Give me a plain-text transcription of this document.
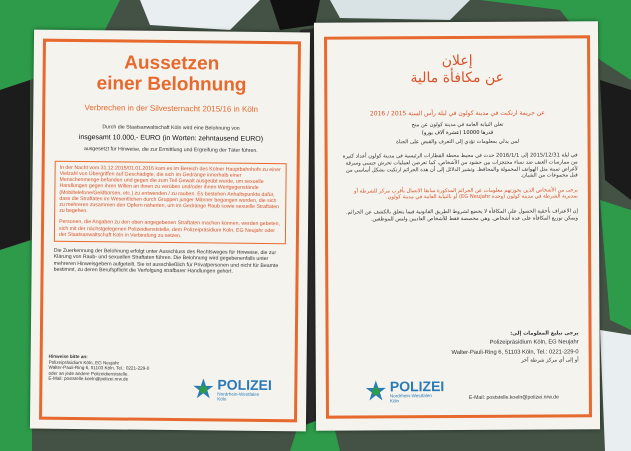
Aussetzen
einer Belohnung
Verbrechen in der Silvesternacht 2015/16 in Köln
Durch die Staatsanwaltschaft Köln wird eine Belohnung von
insgesamt 10.000,- EURO (in Worten: zehntausend EURO)
ausgesetzt für Hinweise, die zur Ermittlung und Ergreifung der Täter führen.
In der Nacht vom 31.12.2015/01.01.2016 kam es im Bereich des Kölner Hauptbahnhofs zu einer Vielzahl von Übergriffen auf Geschädigte, die sich im Gedränge innerhalb einer Menschenmenge befanden und gegen die zum Teil Gewalt ausgeübt wurde, um sexuelle Handlungen gegen ihren Willen an ihnen zu verüben und/oder ihnen Wertgegenstände (Mobiltelefone/Geldbörsen, etc.) zu entwenden / zu rauben. Es bestehen Anhaltspunkte dafür, dass die Straftaten im Wesentlichen durch Gruppen junger Männer begangen wurden, die sich zu mehreren zusammen den Opfern näherten, um im Gedränge Raub sowie sexuelle Straftaten zu begehen.
Personen, die Angaben zu den oben angegebenen Straftaten machen können, werden gebeten, sich mit der nächstgelegenen Polizeidienststelle, dem Polizeipräsidium Köln, EG Neujahr oder der Staatsanwaltschaft Köln in Verbindung zu setzen.
Die Zuerkennung der Belohnung erfolgt unter Ausschluss des Rechtsweges für Hinweise, die zur Klärung von Raub- und sexuellen Straftaten führen. Die Belohnung wird gegebenenfalls unter mehreren Hinweisgebern aufgeteilt. Sie ist ausschließlich für Privatpersonen und nicht für Beamte bestimmt, zu deren Berufspflicht die Verfolgung strafbarer Handlungen gehört.
Hinweise bitte an:
Polizeipräsidium Köln, EG Neujahr
Walter-Pauli-Ring 6, 51103 Köln, Tel.: 0221-229-0
oder an jede andere Polizeidienststelle.
E-Mail: poststelle.koeln@polizei.nrw.de	POLIZEI
Nordrhein-Westfalen
Köln
إعلان
عن مكافأة مالية
عن جريمة ارتكبت في مدينة كولون في ليلة رأس السنة 2015 / 2016
تعلن النيابة العامة في مدينة كولون عن منح
قدرها 10000 (عشرة آلاف يورو)
لمن يدلي بمعلومات تؤدي إلى التعرف والقبض على الجناة
في ليلة 2015/12/31 إلى 2016/1/1 حدث في محيط محطة القطارات الرئيسية في مدينة كولون أعداد كثيرة من ممارسات العنف ضد نساء محتجزات بين حشود من الأشخاص، كما تعرضن لعمليات تحرش جنسي وسرقة لأغراض ثمينة مثل الهواتف المحمولة والمحافظ. وتشير الدلائل إلى أن هذه الجرائم ارتكبت بشكل أساسي من قبل مجموعات من الشبان.
يرجى من الأشخاص الذين بحوزتهم معلومات عن الجرائم المذكورة سابقا الاتصال بأقرب مركز للشرطة أو بمديرية الشرطة في مدينة كولون (وحدة EG Neujahr) أو بالنيابة العامة في مدينة كولون.
إن الاعتراف بأحقية الحصول على المكافأة لا يخضع لشروط الطريق القانونية فيما يتعلق بالكشف عن الجرائم. ويمكن توزيع المكافأة على عدة أشخاص. وهي مخصصة فقط للأشخاص العاديين وليس للموظفين.
يرجى تبليغ المعلومات إلى:
Polizeipräsidium Köln, EG Neujahr
Walter-Pauli-Ring 6, 51103 Köln, Tel.: 0221-229-0
أو إلى أي مركز شرطة آخر
POLIZEI
Nordrhein-Westfalen
Köln	E-Mail: poststelle.koeln@polizei.nrw.de
